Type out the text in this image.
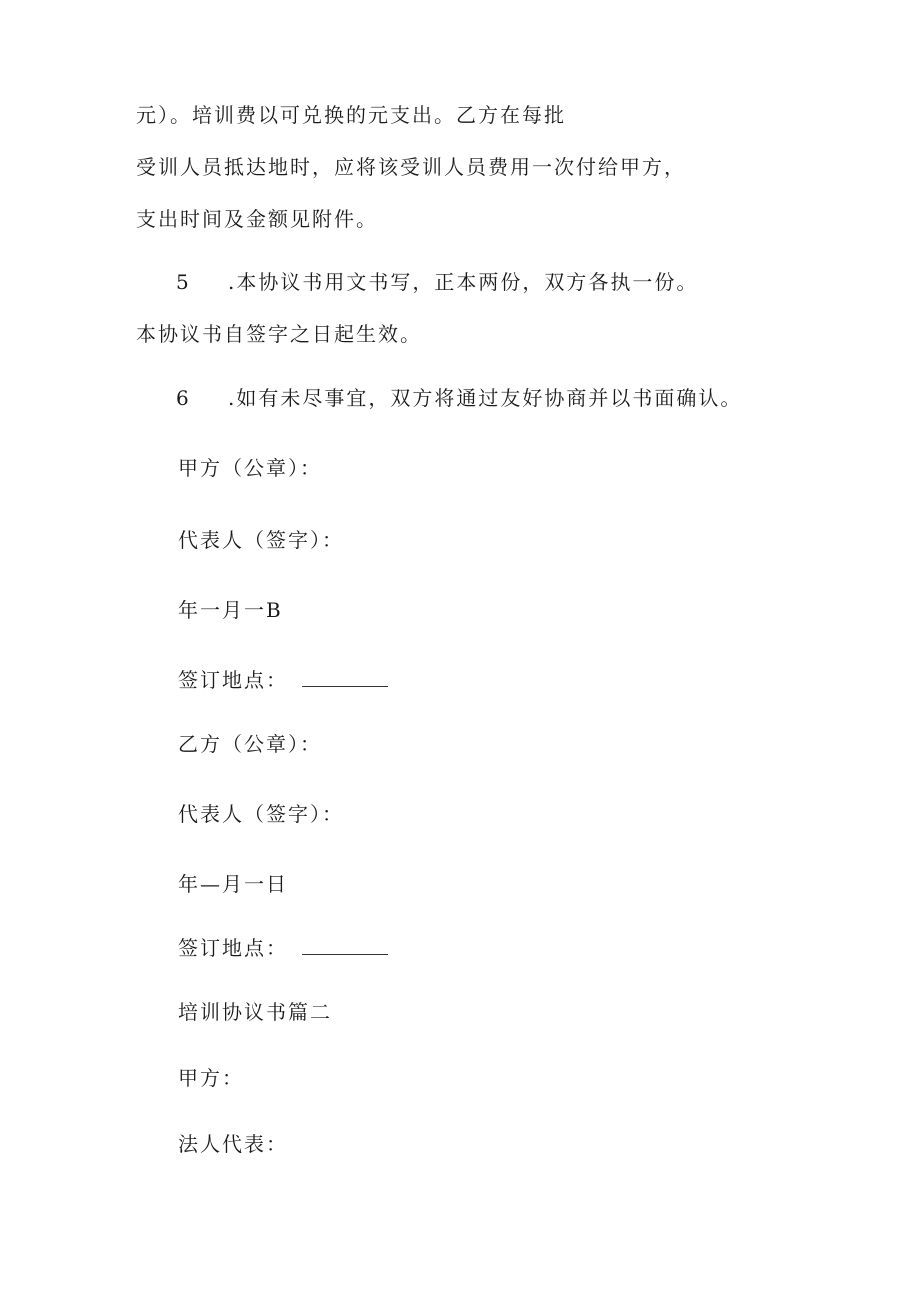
元）。培训费以可兑换的元支出。乙方在每批
受训人员抵达地时，应将该受训人员费用一次付给甲方，
支出时间及金额见附件。
5 .本协议书用文书写，正本两份，双方各执一份。
本协议书自签字之日起生效。
6 .如有未尽事宜，双方将通过友好协商并以书面确认。
甲方（公章）：
代表人（签字）：
年一月一B
签订地点：
乙方（公章）：
代表人（签字）：
年—月一日
签订地点：
培训协议书篇二
甲方：
法人代表：
